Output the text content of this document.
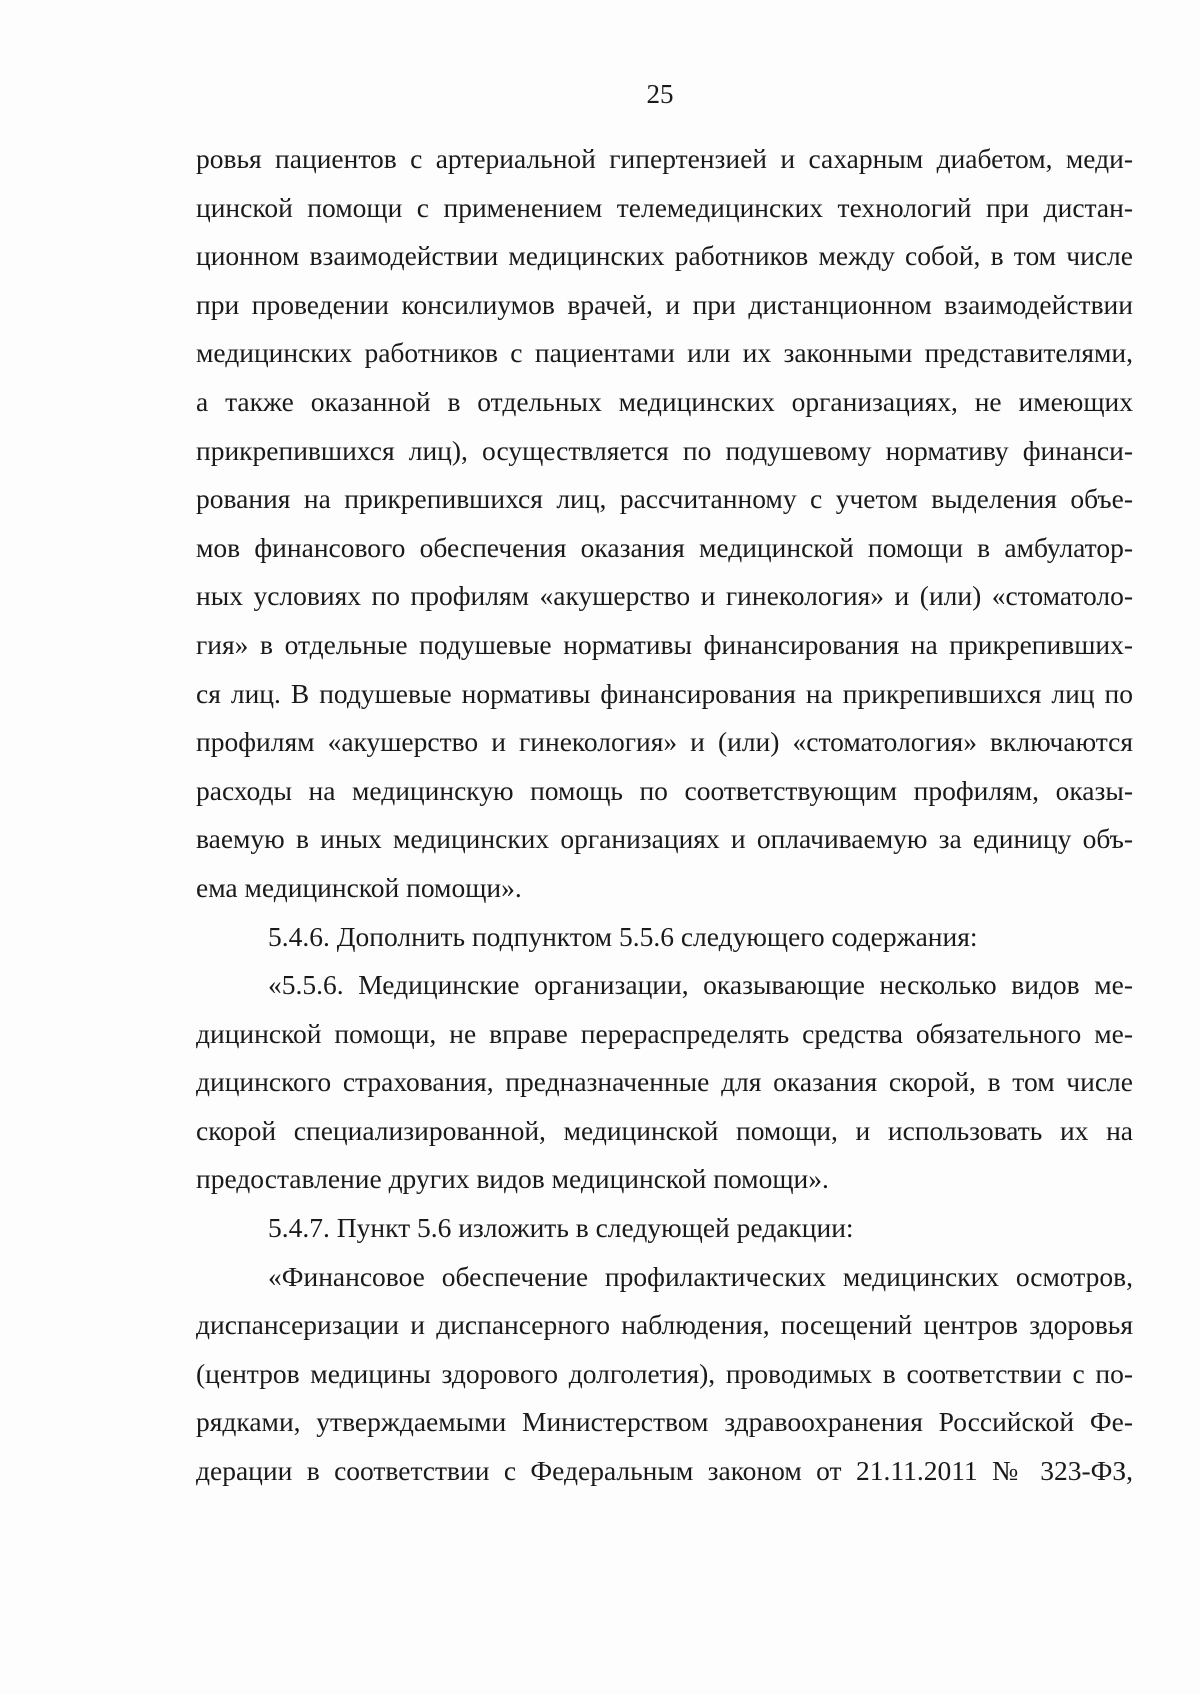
25
ровья пациентов с артериальной гипертензией и сахарным диабетом, меди-
цинской помощи с применением телемедицинских технологий при дистан-
ционном взаимодействии медицинских работников между собой, в том числе
при проведении консилиумов врачей, и при дистанционном взаимодействии
медицинских работников с пациентами или их законными представителями,
а также оказанной в отдельных медицинских организациях, не имеющих
прикрепившихся лиц), осуществляется по подушевому нормативу финанси-
рования на прикрепившихся лиц, рассчитанному с учетом выделения объе-
мов финансового обеспечения оказания медицинской помощи в амбулатор-
ных условиях по профилям «акушерство и гинекология» и (или) «стоматоло-
гия» в отдельные подушевые нормативы финансирования на прикрепивших-
ся лиц. В подушевые нормативы финансирования на прикрепившихся лиц по
профилям «акушерство и гинекология» и (или) «стоматология» включаются
расходы на медицинскую помощь по соответствующим профилям, оказы-
ваемую в иных медицинских организациях и оплачиваемую за единицу объ-
ема медицинской помощи».
5.4.6. Дополнить подпунктом 5.5.6 следующего содержания:
«5.5.6. Медицинские организации, оказывающие несколько видов ме-
дицинской помощи, не вправе перераспределять средства обязательного ме-
дицинского страхования, предназначенные для оказания скорой, в том числе
скорой специализированной, медицинской помощи, и использовать их на
предоставление других видов медицинской помощи».
5.4.7. Пункт 5.6 изложить в следующей редакции:
«Финансовое обеспечение профилактических медицинских осмотров,
диспансеризации и диспансерного наблюдения, посещений центров здоровья
(центров медицины здорового долголетия), проводимых в соответствии с по-
рядками, утверждаемыми Министерством здравоохранения Российской Фе-
дерации в соответствии с Федеральным законом от 21.11.2011 № 323-ФЗ,
